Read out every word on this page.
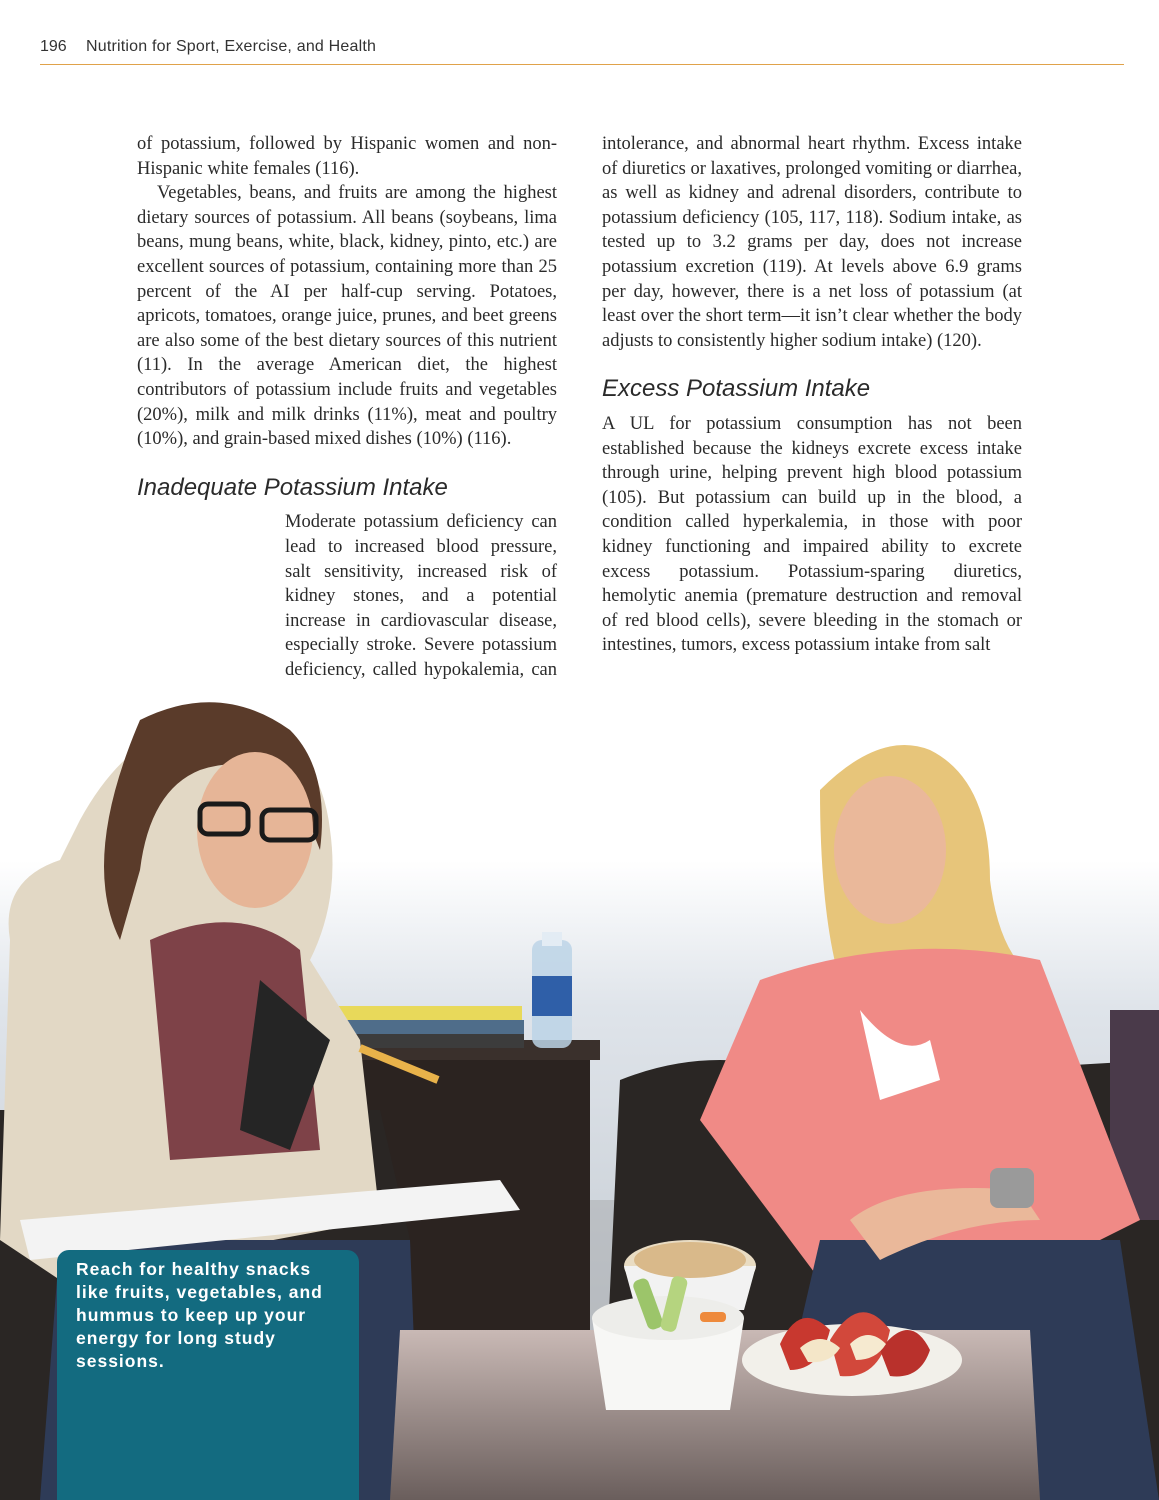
196 Nutrition for Sport, Exercise, and Health

of potassium, followed by Hispanic women and non-Hispanic white females (116).

Vegetables, beans, and fruits are among the highest dietary sources of potassium. All beans (soybeans, lima beans, mung beans, white, black, kidney, pinto, etc.) are excellent sources of potassium, containing more than 25 percent of the AI per half-cup serving. Potatoes, apricots, tomatoes, orange juice, prunes, and beet greens are also some of the best dietary sources of this nutrient (11). In the average American diet, the highest contributors of potassium include fruits and vegetables (20%), milk and milk drinks (11%), meat and poultry (10%), and grain-based mixed dishes (10%) (116).

Inadequate Potassium Intake

Moderate potassium deficiency can lead to increased blood pressure, salt sensitivity, increased risk of kidney stones, and a potential increase in cardiovascular disease, especially stroke. Severe potassium deficiency, called hypokalemia, can

intolerance, and abnormal heart rhythm. Excess intake of diuretics or laxatives, prolonged vomiting or diarrhea, as well as kidney and adrenal disorders, contribute to potassium deficiency (105, 117, 118). Sodium intake, as tested up to 3.2 grams per day, does not increase potassium excretion (119). At levels above 6.9 grams per day, however, there is a net loss of potassium (at least over the short term—it isn’t clear whether the body adjusts to consistently higher sodium intake) (120).

Excess Potassium Intake

A UL for potassium consumption has not been established because the kidneys excrete excess intake through urine, helping prevent high blood potassium (105). But potassium can build up in the blood, a condition called hyperkalemia, in those with poor kidney functioning and impaired ability to excrete excess potassium. Potassium-sparing diuretics, hemolytic anemia (premature destruction and removal of red blood cells), severe bleeding in the stomach or intestines, tumors, excess potassium intake from salt

Reach for healthy snacks like fruits, vegetables, and hummus to keep up your energy for long study sessions.
